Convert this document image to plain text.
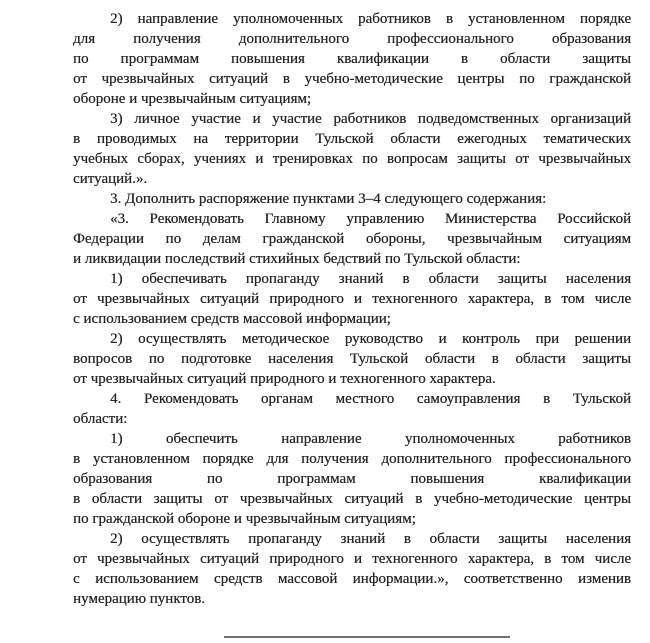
2) направление уполномоченных работников в установленном порядке
для получения дополнительного профессионального образования
по программам повышения квалификации в области защиты
от чрезвычайных ситуаций в учебно-методические центры по гражданской
обороне и чрезвычайным ситуациям;
3) личное участие и участие работников подведомственных организаций
в проводимых на территории Тульской области ежегодных тематических
учебных сборах, учениях и тренировках по вопросам защиты от чрезвычайных
ситуаций.».
3. Дополнить распоряжение пунктами 3–4 следующего содержания:
«3. Рекомендовать Главному управлению Министерства Российской
Федерации по делам гражданской обороны, чрезвычайным ситуациям
и ликвидации последствий стихийных бедствий по Тульской области:
1) обеспечивать пропаганду знаний в области защиты населения
от чрезвычайных ситуаций природного и техногенного характера, в том числе
с использованием средств массовой информации;
2) осуществлять методическое руководство и контроль при решении
вопросов по подготовке населения Тульской области в области защиты
от чрезвычайных ситуаций природного и техногенного характера.
4. Рекомендовать органам местного самоуправления в Тульской
области:
1) обеспечить направление уполномоченных работников
в установленном порядке для получения дополнительного профессионального
образования по программам повышения квалификации
в области защиты от чрезвычайных ситуаций в учебно-методические центры
по гражданской обороне и чрезвычайным ситуациям;
2) осуществлять пропаганду знаний в области защиты населения
от чрезвычайных ситуаций природного и техногенного характера, в том числе
с использованием средств массовой информации.», соответственно изменив
нумерацию пунктов.
